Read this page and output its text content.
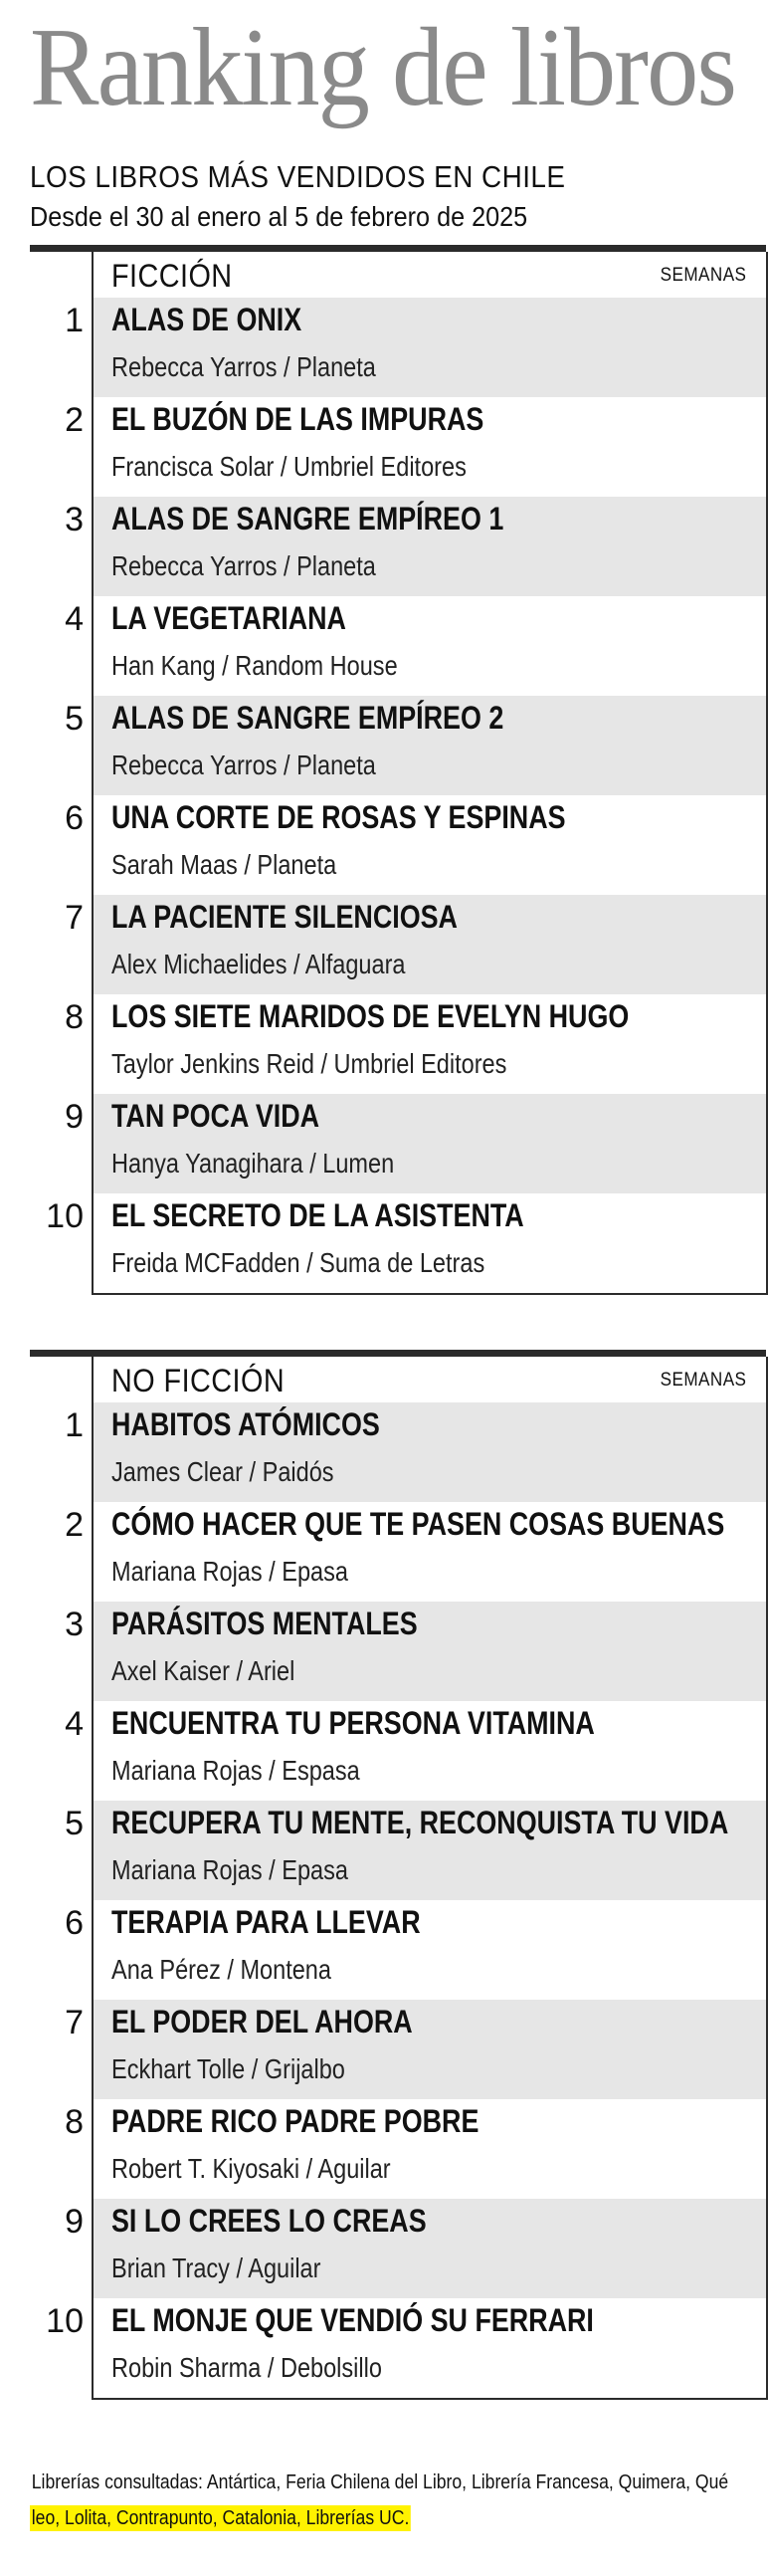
Ranking de libros
LOS LIBROS MÁS VENDIDOS EN CHILE
Desde el 30 al enero al 5 de febrero de 2025
FICCIÓN	SEMANAS
1 ALAS DE ONIX
Rebecca Yarros / Planeta
2 EL BUZÓN DE LAS IMPURAS
Francisca Solar / Umbriel Editores
3 ALAS DE SANGRE EMPÍREO 1
Rebecca Yarros / Planeta
4 LA VEGETARIANA
Han Kang / Random House
5 ALAS DE SANGRE EMPÍREO 2
Rebecca Yarros / Planeta
6 UNA CORTE DE ROSAS Y ESPINAS
Sarah Maas / Planeta
7 LA PACIENTE SILENCIOSA
Alex Michaelides / Alfaguara
8 LOS SIETE MARIDOS DE EVELYN HUGO
Taylor Jenkins Reid / Umbriel Editores
9 TAN POCA VIDA
Hanya Yanagihara / Lumen
10 EL SECRETO DE LA ASISTENTA
Freida MCFadden / Suma de Letras
NO FICCIÓN	SEMANAS
1 HABITOS ATÓMICOS
James Clear / Paidós
2 CÓMO HACER QUE TE PASEN COSAS BUENAS
Mariana Rojas / Epasa
3 PARÁSITOS MENTALES
Axel Kaiser / Ariel
4 ENCUENTRA TU PERSONA VITAMINA
Mariana Rojas / Espasa
5 RECUPERA TU MENTE, RECONQUISTA TU VIDA
Mariana Rojas / Epasa
6 TERAPIA PARA LLEVAR
Ana Pérez / Montena
7 EL PODER DEL AHORA
Eckhart Tolle / Grijalbo
8 PADRE RICO PADRE POBRE
Robert T. Kiyosaki / Aguilar
9 SI LO CREES LO CREAS
Brian Tracy / Aguilar
10 EL MONJE QUE VENDIÓ SU FERRARI
Robin Sharma / Debolsillo
Librerías consultadas: Antártica, Feria Chilena del Libro, Librería Francesa, Quimera, Qué
leo, Lolita, Contrapunto, Catalonia, Librerías UC.
